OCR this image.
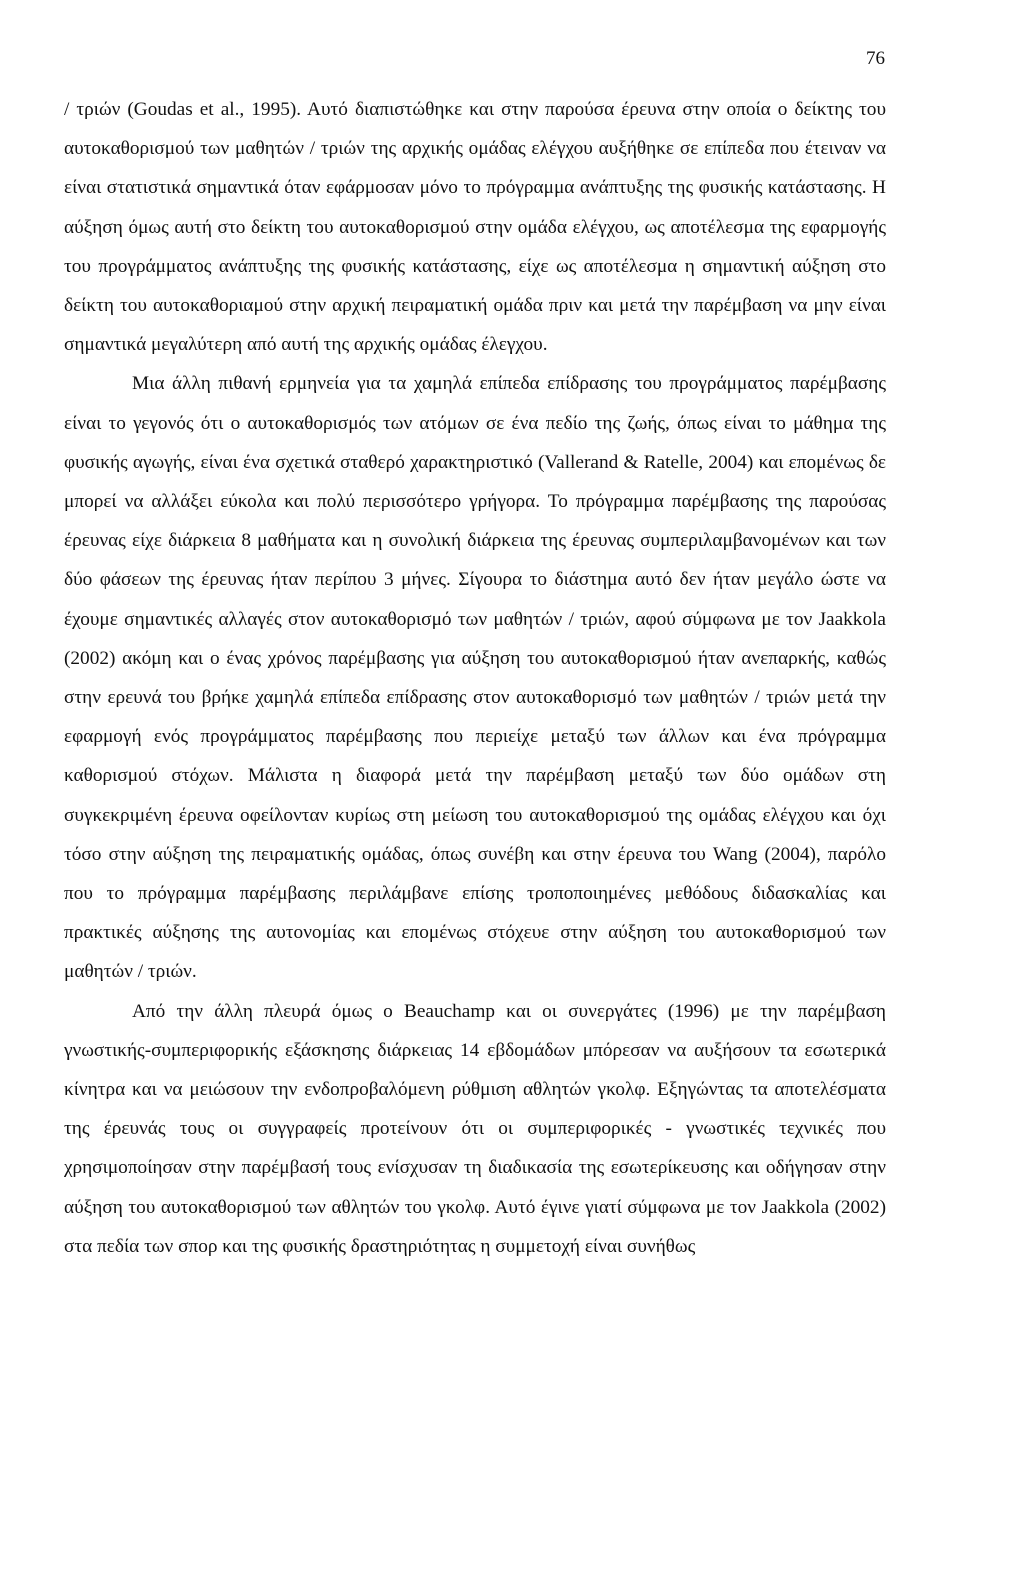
76

/ τριών (Goudas et al., 1995). Αυτό διαπιστώθηκε και στην παρούσα έρευνα στην οποία ο δείκτης του αυτοκαθορισμού των μαθητών / τριών της αρχικής ομάδας ελέγχου αυξήθηκε σε επίπεδα που έτειναν να είναι στατιστικά σημαντικά όταν εφάρμοσαν μόνο το πρόγραμμα ανάπτυξης της φυσικής κατάστασης. Η αύξηση όμως αυτή στο δείκτη του αυτοκαθορισμού στην ομάδα ελέγχου, ως αποτέλεσμα της εφαρμογής του προγράμματος ανάπτυξης της φυσικής κατάστασης, είχε ως αποτέλεσμα η σημαντική αύξηση στο δείκτη του αυτοκαθοριαμού στην αρχική πειραματική ομάδα πριν και μετά την παρέμβαση να μην είναι σημαντικά μεγαλύτερη από αυτή της αρχικής ομάδας έλεγχου.

Μια άλλη πιθανή ερμηνεία για τα χαμηλά επίπεδα επίδρασης του προγράμματος παρέμβασης είναι το γεγονός ότι ο αυτοκαθορισμός των ατόμων σε ένα πεδίο της ζωής, όπως είναι το μάθημα της φυσικής αγωγής, είναι ένα σχετικά σταθερό χαρακτηριστικό (Vallerand & Ratelle, 2004) και επομένως δε μπορεί να αλλάξει εύκολα και πολύ περισσότερο γρήγορα. Το πρόγραμμα παρέμβασης της παρούσας έρευνας είχε διάρκεια 8 μαθήματα και η συνολική διάρκεια της έρευνας συμπεριλαμβανομένων και των δύο φάσεων της έρευνας ήταν περίπου 3 μήνες. Σίγουρα το διάστημα αυτό δεν ήταν μεγάλο ώστε να έχουμε σημαντικές αλλαγές στον αυτοκαθορισμό των μαθητών / τριών, αφού σύμφωνα με τον Jaakkola (2002) ακόμη και ο ένας χρόνος παρέμβασης για αύξηση του αυτοκαθορισμού ήταν ανεπαρκής, καθώς στην ερευνά του βρήκε χαμηλά επίπεδα επίδρασης στον αυτοκαθορισμό των μαθητών / τριών μετά την εφαρμογή ενός προγράμματος παρέμβασης που περιείχε μεταξύ των άλλων και ένα πρόγραμμα καθορισμού στόχων. Μάλιστα η διαφορά μετά την παρέμβαση μεταξύ των δύο ομάδων στη συγκεκριμένη έρευνα οφείλονταν κυρίως στη μείωση του αυτοκαθορισμού της ομάδας ελέγχου και όχι τόσο στην αύξηση της πειραματικής ομάδας, όπως συνέβη και στην έρευνα του Wang (2004), παρόλο που το πρόγραμμα παρέμβασης περιλάμβανε επίσης τροποποιημένες μεθόδους διδασκαλίας και πρακτικές αύξησης της αυτονομίας και επομένως στόχευε στην αύξηση του αυτοκαθορισμού των μαθητών / τριών.

Από την άλλη πλευρά όμως ο Beauchamp και οι συνεργάτες (1996) με την παρέμβαση γνωστικής-συμπεριφορικής εξάσκησης διάρκειας 14 εβδομάδων μπόρεσαν να αυξήσουν τα εσωτερικά κίνητρα και να μειώσουν την ενδοπροβαλόμενη ρύθμιση αθλητών γκολφ. Εξηγώντας τα αποτελέσματα της έρευνάς τους οι συγγραφείς προτείνουν ότι οι συμπεριφορικές - γνωστικές τεχνικές που χρησιμοποίησαν στην παρέμβασή τους ενίσχυσαν τη διαδικασία της εσωτερίκευσης και οδήγησαν στην αύξηση του αυτοκαθορισμού των αθλητών του γκολφ. Αυτό έγινε γιατί σύμφωνα με τον Jaakkola (2002) στα πεδία των σπορ και της φυσικής δραστηριότητας η συμμετοχή είναι συνήθως
